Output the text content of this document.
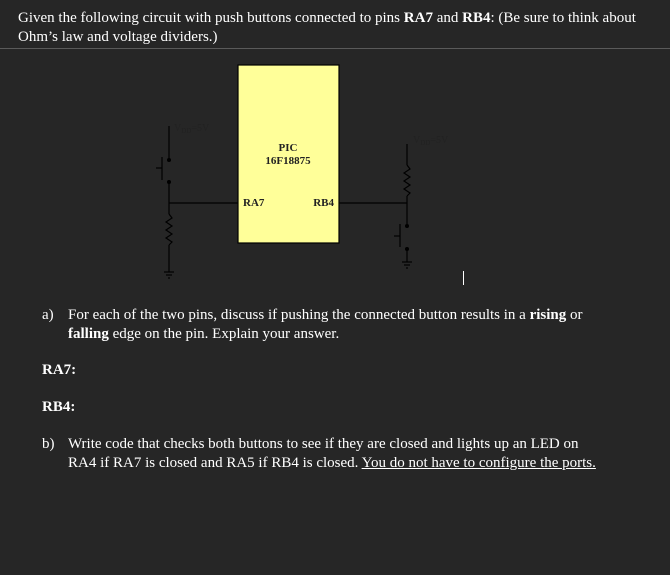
Given the following circuit with push buttons connected to pins RA7 and RB4: (Be sure to think about Ohm’s law and voltage dividers.)
PIC
16F18875
RA7	RB4
$V_{DD}=5V$
$V_{DD}=5V$
a) For each of the two pins, discuss if pushing the connected button results in a rising or falling edge on the pin. Explain your answer.
RA7:
RB4:
b) Write code that checks both buttons to see if they are closed and lights up an LED on RA4 if RA7 is closed and RA5 if RB4 is closed. You do not have to configure the ports.
